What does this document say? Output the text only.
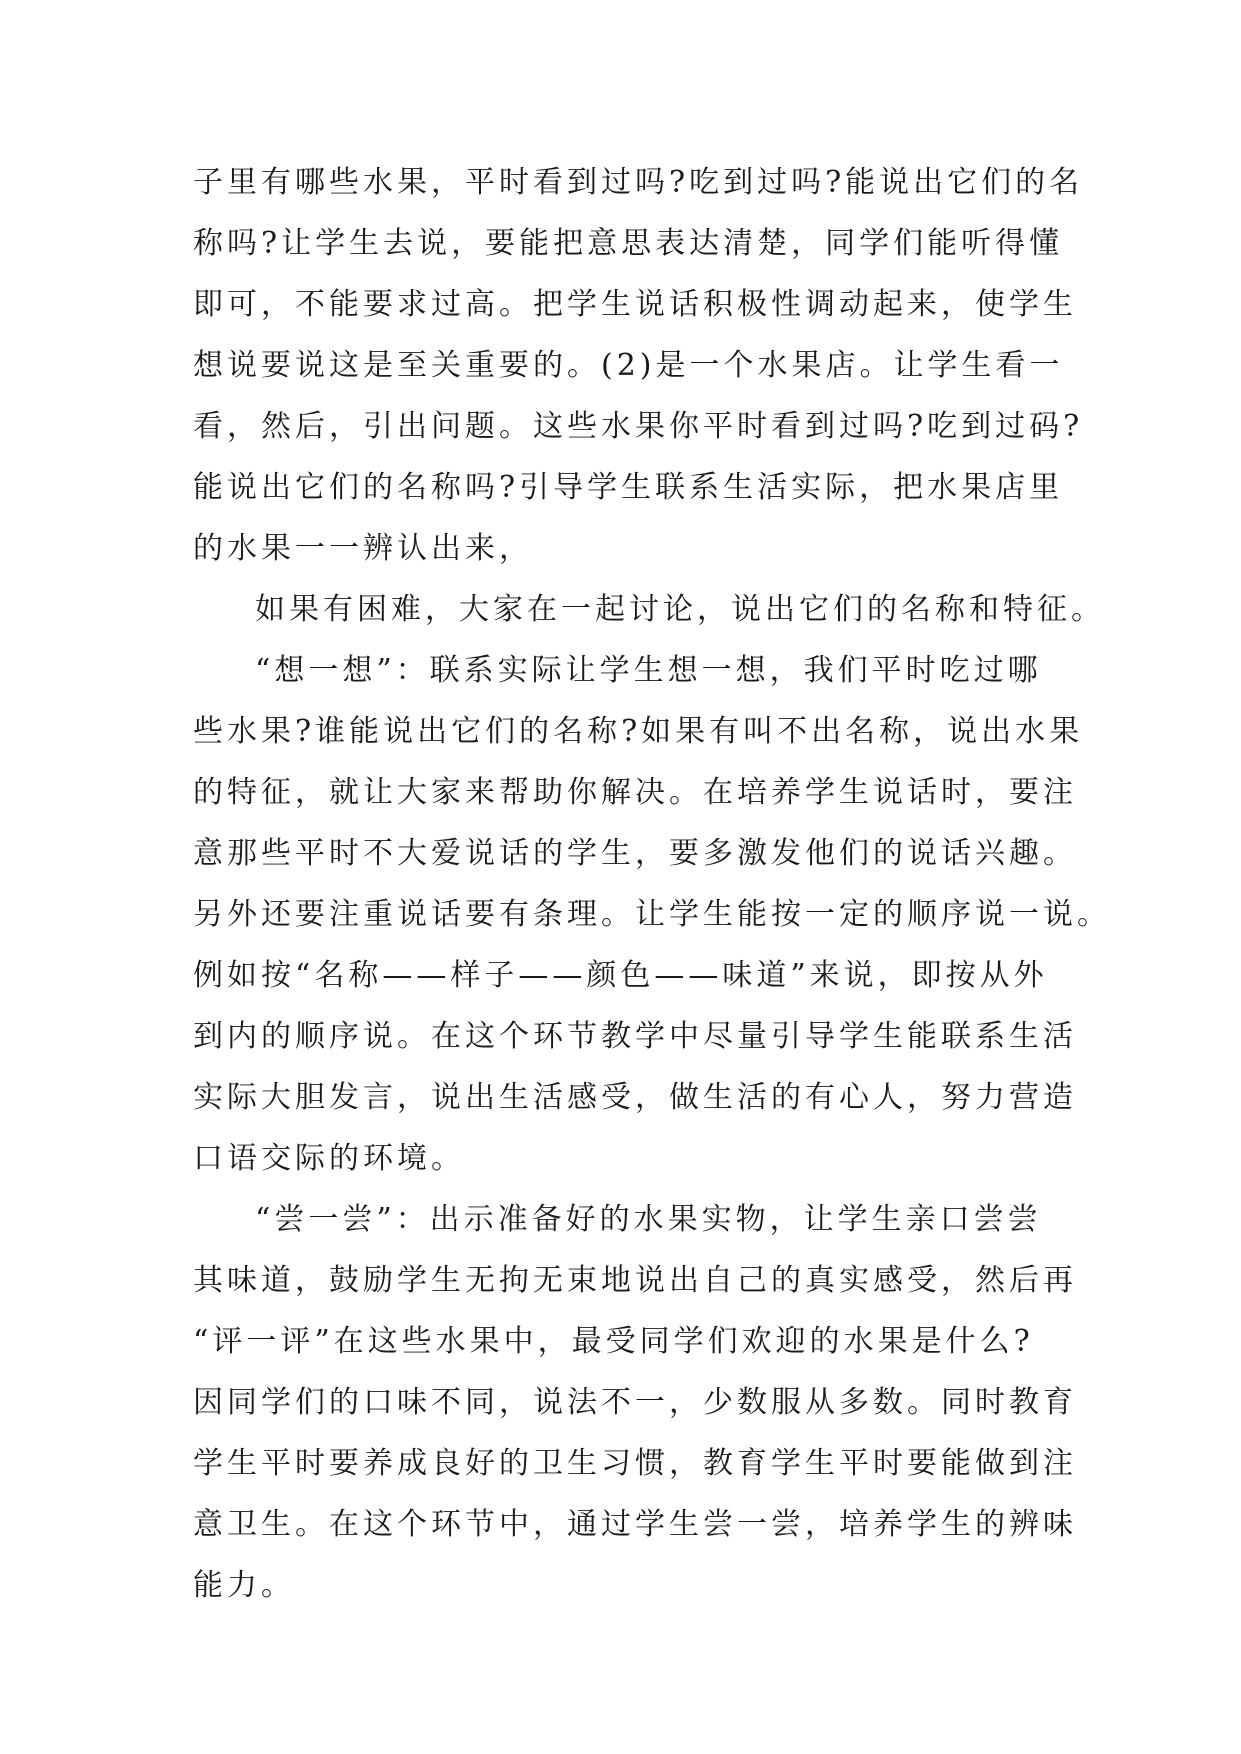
子里有哪些水果，平时看到过吗?吃到过吗?能说出它们的名
称吗?让学生去说，要能把意思表达清楚，同学们能听得懂
即可，不能要求过高。把学生说话积极性调动起来，使学生
想说要说这是至关重要的。(2)是一个水果店。让学生看一
看，然后，引出问题。这些水果你平时看到过吗?吃到过码?
能说出它们的名称吗?引导学生联系生活实际，把水果店里
的水果一一辨认出来，
如果有困难，大家在一起讨论，说出它们的名称和特征。
“想一想”：联系实际让学生想一想，我们平时吃过哪
些水果?谁能说出它们的名称?如果有叫不出名称，说出水果
的特征，就让大家来帮助你解决。在培养学生说话时，要注
意那些平时不大爱说话的学生，要多激发他们的说话兴趣。
另外还要注重说话要有条理。让学生能按一定的顺序说一说。
例如按“名称——样子——颜色——味道”来说，即按从外
到内的顺序说。在这个环节教学中尽量引导学生能联系生活
实际大胆发言，说出生活感受，做生活的有心人，努力营造
口语交际的环境。
“尝一尝”：出示准备好的水果实物，让学生亲口尝尝
其味道，鼓励学生无拘无束地说出自己的真实感受，然后再
“评一评”在这些水果中，最受同学们欢迎的水果是什么?
因同学们的口味不同，说法不一，少数服从多数。同时教育
学生平时要养成良好的卫生习惯，教育学生平时要能做到注
意卫生。在这个环节中，通过学生尝一尝，培养学生的辨味
能力。
